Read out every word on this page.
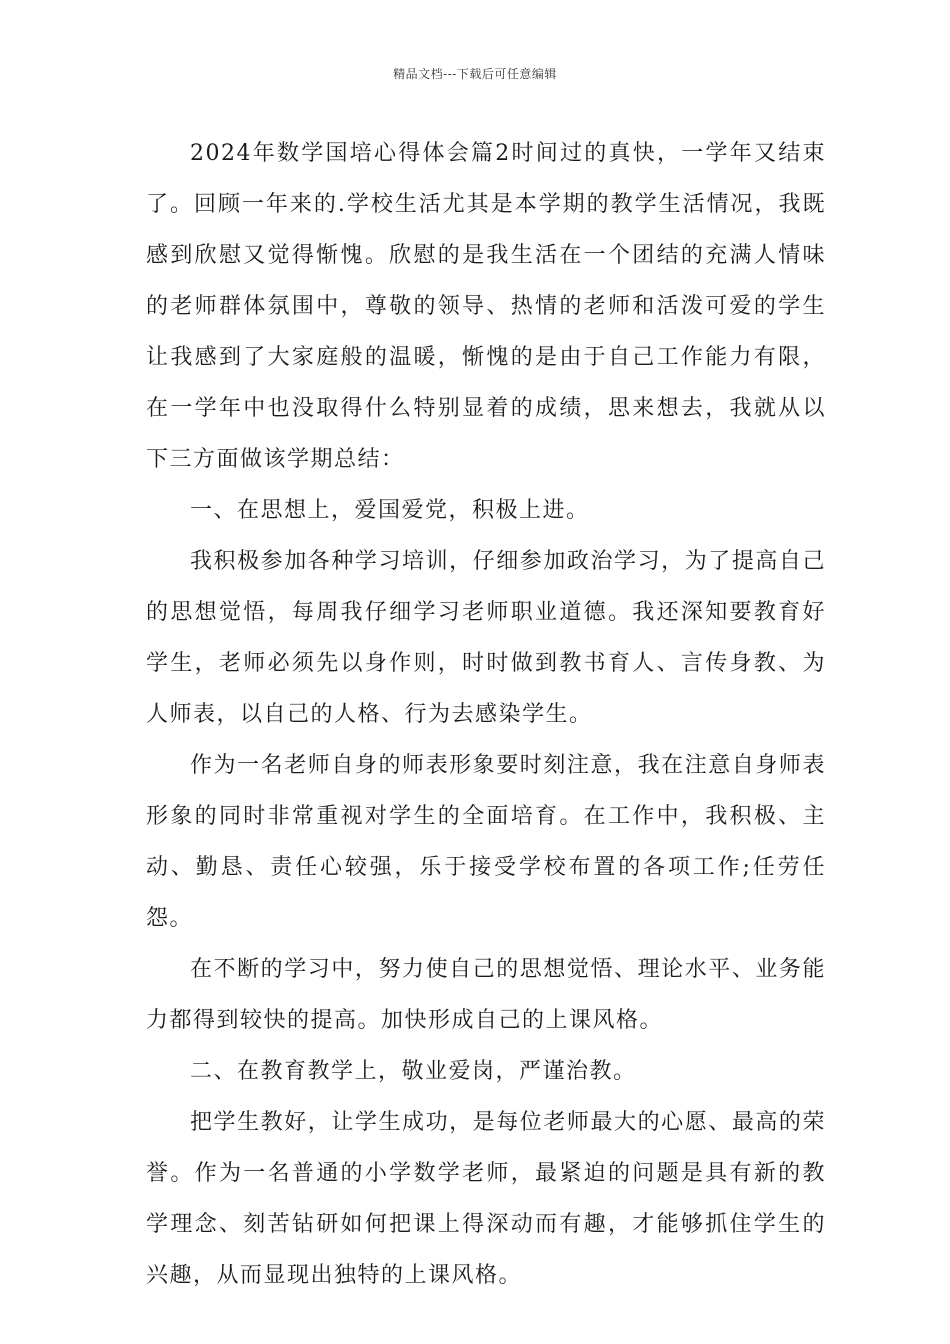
精品文档---下载后可任意编辑

2024年数学国培心得体会篇2时间过的真快，一学年又结束了。回顾一年来的.学校生活尤其是本学期的教学生活情况，我既感到欣慰又觉得惭愧。欣慰的是我生活在一个团结的充满人情味的老师群体氛围中，尊敬的领导、热情的老师和活泼可爱的学生让我感到了大家庭般的温暖，惭愧的是由于自己工作能力有限，在一学年中也没取得什么特别显着的成绩，思来想去，我就从以下三方面做该学期总结：

一、在思想上，爱国爱党，积极上进。

我积极参加各种学习培训，仔细参加政治学习，为了提高自己的思想觉悟，每周我仔细学习老师职业道德。我还深知要教育好学生，老师必须先以身作则，时时做到教书育人、言传身教、为人师表，以自己的人格、行为去感染学生。

作为一名老师自身的师表形象要时刻注意，我在注意自身师表形象的同时非常重视对学生的全面培育。在工作中，我积极、主动、勤恳、责任心较强，乐于接受学校布置的各项工作;任劳任怨。

在不断的学习中，努力使自己的思想觉悟、理论水平、业务能力都得到较快的提高。加快形成自己的上课风格。

二、在教育教学上，敬业爱岗，严谨治教。

把学生教好，让学生成功，是每位老师最大的心愿、最高的荣誉。作为一名普通的小学数学老师，最紧迫的问题是具有新的教学理念、刻苦钻研如何把课上得深动而有趣，才能够抓住学生的兴趣，从而显现出独特的上课风格。
